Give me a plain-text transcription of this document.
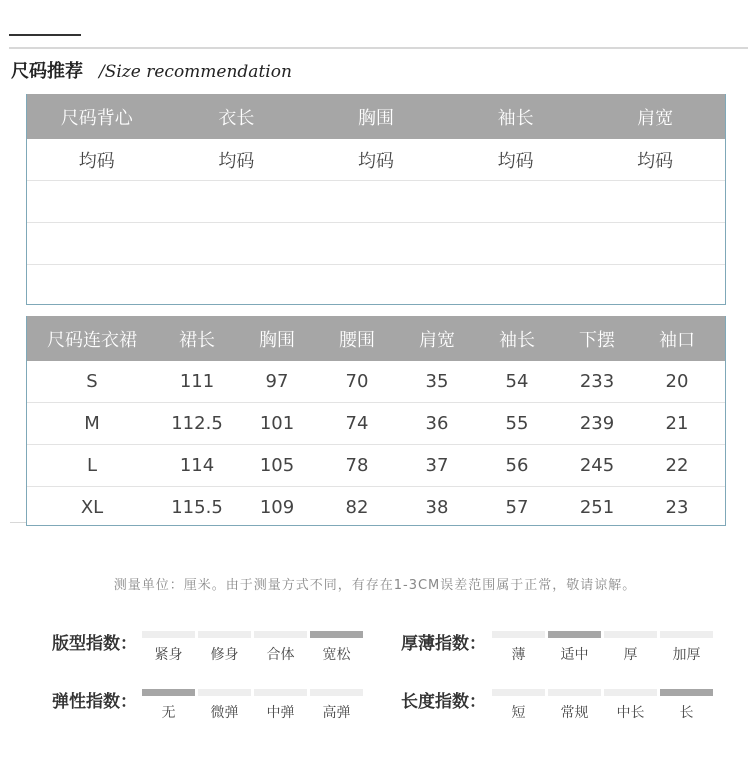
尺码推荐 /Size recommendation
尺码背心	衣长	胸围	袖长	肩宽
均码	均码	均码	均码	均码
尺码连衣裙	裙长	胸围	腰围	肩宽	袖长	下摆	袖口
S	111	97	70	35	54	233	20
M	112.5	101	74	36	55	239	21
L	114	105	78	37	56	245	22
XL	115.5	109	82	38	57	251	23
测量单位：厘米。由于测量方式不同，有存在1-3CM误差范围属于正常，敬请谅解。
版型指数：
紧身	修身	合体	宽松
厚薄指数：
薄	适中	厚	加厚
弹性指数：
无	微弹	中弹	高弹
长度指数：
短	常规	中长	长
